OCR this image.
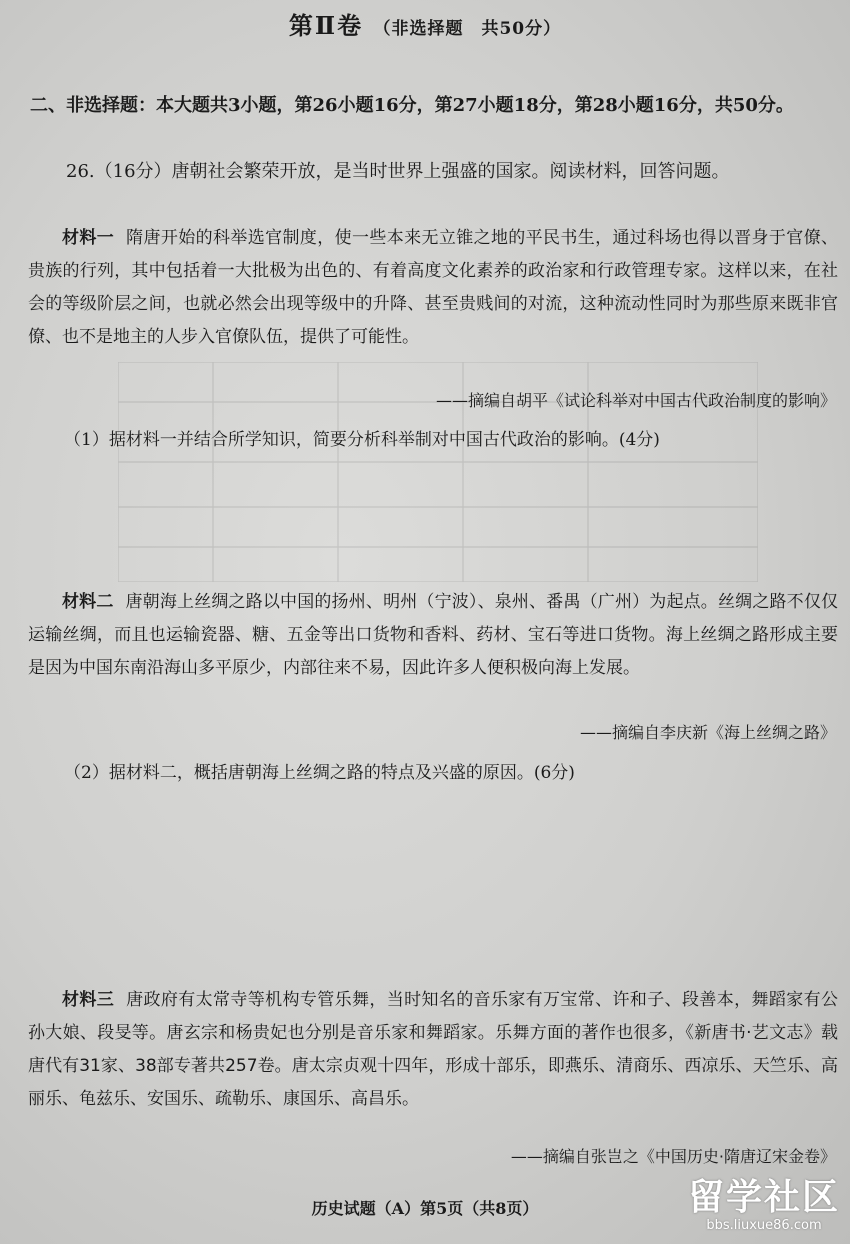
第Ⅱ卷 （非选择题　共50分）
二、非选择题：本大题共3小题，第26小题16分，第27小题18分，第28小题16分，共50分。
26.（16分）唐朝社会繁荣开放，是当时世界上强盛的国家。阅读材料，回答问题。
材料一 隋唐开始的科举选官制度，使一些本来无立锥之地的平民书生，通过科场也得以晋身于官僚、贵族的行列，其中包括着一大批极为出色的、有着高度文化素养的政治家和行政管理专家。这样以来，在社会的等级阶层之间，也就必然会出现等级中的升降、甚至贵贱间的对流，这种流动性同时为那些原来既非官僚、也不是地主的人步入官僚队伍，提供了可能性。
——摘编自胡平《试论科举对中国古代政治制度的影响》
（1）据材料一并结合所学知识，简要分析科举制对中国古代政治的影响。(4分)
材料二 唐朝海上丝绸之路以中国的扬州、明州（宁波）、泉州、番禺（广州）为起点。丝绸之路不仅仅运输丝绸，而且也运输瓷器、糖、五金等出口货物和香料、药材、宝石等进口货物。海上丝绸之路形成主要是因为中国东南沿海山多平原少，内部往来不易，因此许多人便积极向海上发展。
——摘编自李庆新《海上丝绸之路》
（2）据材料二，概括唐朝海上丝绸之路的特点及兴盛的原因。(6分)
材料三 唐政府有太常寺等机构专管乐舞，当时知名的音乐家有万宝常、许和子、段善本，舞蹈家有公孙大娘、段旻等。唐玄宗和杨贵妃也分别是音乐家和舞蹈家。乐舞方面的著作也很多，《新唐书·艺文志》载唐代有31家、38部专著共257卷。唐太宗贞观十四年，形成十部乐，即燕乐、清商乐、西凉乐、天竺乐、高丽乐、龟兹乐、安国乐、疏勒乐、康国乐、高昌乐。
——摘编自张岂之《中国历史·隋唐辽宋金卷》
历史试题（A）第5页（共8页）	留学社区
bbs.liuxue86.com
